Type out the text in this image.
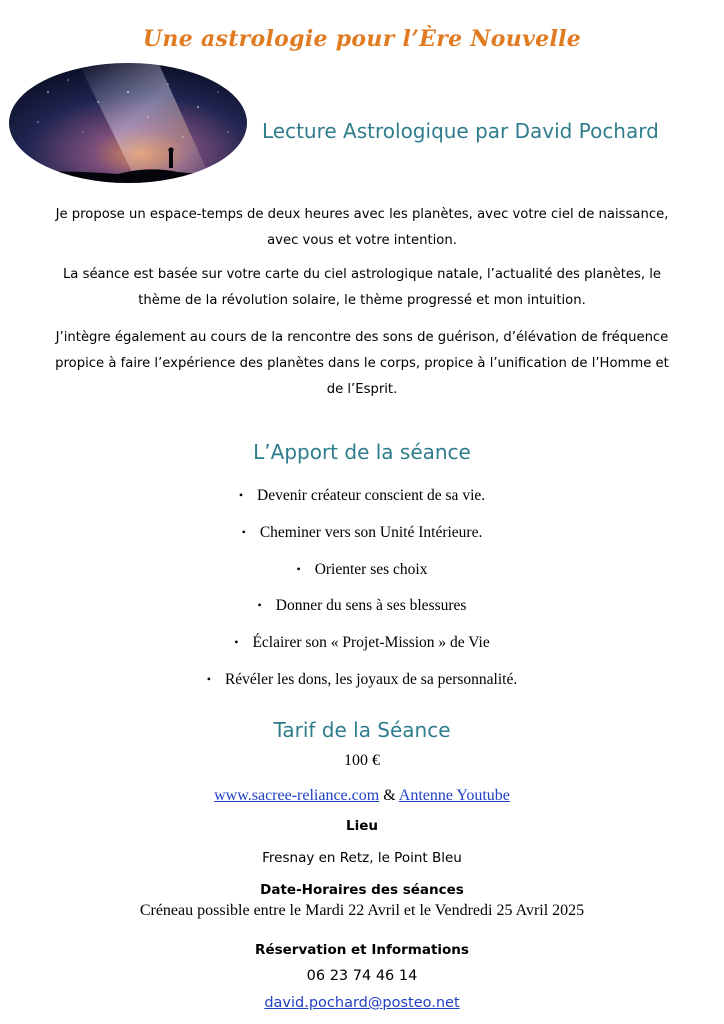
Une astrologie pour l’Ère Nouvelle
Lecture Astrologique par David Pochard
Je propose un espace-temps de deux heures avec les planètes, avec votre ciel de naissance,
avec vous et votre intention.
La séance est basée sur votre carte du ciel astrologique natale, l’actualité des planètes, le
thème de la révolution solaire, le thème progressé et mon intuition.
J’intègre également au cours de la rencontre des sons de guérison, d’élévation de fréquence
propice à faire l’expérience des planètes dans le corps, propice à l’unification de l’Homme et
de l’Esprit.
L’Apport de la séance
• Devenir créateur conscient de sa vie.
• Cheminer vers son Unité Intérieure.
• Orienter ses choix
• Donner du sens à ses blessures
• Éclairer son « Projet-Mission » de Vie
• Révéler les dons, les joyaux de sa personnalité.
Tarif de la Séance
100 €
www.sacree-reliance.com & Antenne Youtube
Lieu
Fresnay en Retz, le Point Bleu
Date-Horaires des séances
Créneau possible entre le Mardi 22 Avril et le Vendredi 25 Avril 2025
Réservation et Informations
06 23 74 46 14
david.pochard@posteo.net
